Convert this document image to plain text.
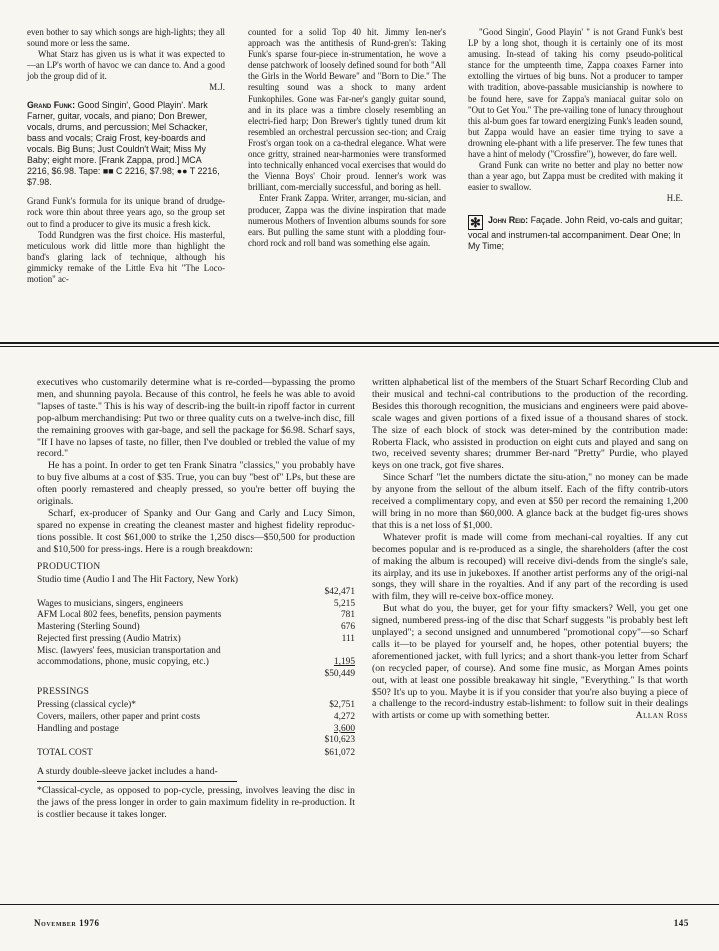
even bother to say which songs are high-lights; they all sound more or less the same.

What Starz has given us is what it was expected to—an LP's worth of havoc we can dance to. And a good job the group did of it.

M.J.

Grand Funk: Good Singin', Good Playin'. Mark Farner, guitar, vocals, and piano; Don Brewer, vocals, drums, and percussion; Mel Schacker, bass and vocals; Craig Frost, key-boards and vocals. Big Buns; Just Couldn't Wait; Miss My Baby; eight more. [Frank Zappa, prod.] MCA 2216, $6.98. Tape: ■■ C 2216, $7.98; ●● T 2216, $7.98.

Grand Funk's formula for its unique brand of drudge-rock wore thin about three years ago, so the group set out to find a producer to give its music a fresh kick.

Todd Rundgren was the first choice. His masterful, meticulous work did little more than highlight the band's glaring lack of technique, although his gimmicky remake of the Little Eva hit "The Loco-motion" ac-

counted for a solid Top 40 hit. Jimmy Ien-ner's approach was the antithesis of Rund-gren's: Taking Funk's sparse four-piece in-strumentation, he wove a dense patchwork of loosely defined sound for both "All the Girls in the World Beware" and "Born to Die." The resulting sound was a shock to many ardent Funkophiles. Gone was Far-ner's gangly guitar sound, and in its place was a timbre closely resembling an electri-fied harp; Don Brewer's tightly tuned drum kit resembled an orchestral percussion sec-tion; and Craig Frost's organ took on a ca-thedral elegance. What were once gritty, strained near-harmonies were transformed into technically enhanced vocal exercises that would do the Vienna Boys' Choir proud. Ienner's work was brilliant, com-mercially successful, and boring as hell.

Enter Frank Zappa. Writer, arranger, mu-sician, and producer, Zappa was the divine inspiration that made numerous Mothers of Invention albums sounds for sore ears. But pulling the same stunt with a plodding four-chord rock and roll band was something else again.

"Good Singin', Good Playin' " is not Grand Funk's best LP by a long shot, though it is certainly one of its most amusing. In-stead of taking his corny pseudo-political stance for the umpteenth time, Zappa coaxes Farner into extolling the virtues of big buns. Not a producer to tamper with tradition, above-passable musicianship is nowhere to be found here, save for Zappa's maniacal guitar solo on "Out to Get You." The pre-vailing tone of lunacy throughout this al-bum goes far toward energizing Funk's leaden sound, but Zappa would have an easier time trying to save a drowning ele-phant with a life preserver. The few tunes that have a hint of melody ("Crossfire"), however, do fare well.

Grand Funk can write no better and play no better now than a year ago, but Zappa must be credited with making it easier to swallow.

H.E.

✻ John Reid: Façade. John Reid, vo-cals and guitar; vocal and instrumen-tal accompaniment. Dear One; In My Time;

executives who customarily determine what is re-corded—bypassing the promo men, and shunning payola. Because of this control, he feels he was able to avoid "lapses of taste." This is his way of describ-ing the built-in ripoff factor in current pop-album merchandising: Put two or three quality cuts on a twelve-inch disc, fill the remaining grooves with gar-bage, and sell the package for $6.98. Scharf says, "If I have no lapses of taste, no filler, then I've doubled or trebled the value of my record."

He has a point. In order to get ten Frank Sinatra "classics," you probably have to buy five albums at a cost of $35. True, you can buy "best of" LPs, but these are often poorly remastered and cheaply pressed, so you're better off buying the originals.

Scharf, ex-producer of Spanky and Our Gang and Carly and Lucy Simon, spared no expense in creating the cleanest master and highest fidelity reproduc-tions possible. It cost $61,000 to strike the 1,250 discs—$50,500 for production and $10,500 for press-ings. Here is a rough breakdown:

PRODUCTION
Studio time (Audio I and The Hit Factory, New York)
$42,471
Wages to musicians, singers, engineers	5,215
AFM Local 802 fees, benefits, pension payments	781
Mastering (Sterling Sound)	676
Rejected first pressing (Audio Matrix)	111
Misc. (lawyers' fees, musician transportation and
accommodations, phone, music copying, etc.)	1,195
$50,449
PRESSINGS
Pressing (classical cycle)*	$2,751
Covers, mailers, other paper and print costs	4,272
Handling and postage	3,600
$10,623
TOTAL COST	$61,072

A sturdy double-sleeve jacket includes a hand-

*Classical-cycle, as opposed to pop-cycle, pressing, involves leaving the disc in the jaws of the press longer in order to gain maximum fidelity in re-production. It is costlier because it takes longer.

written alphabetical list of the members of the Stuart Scharf Recording Club and their musical and techni-cal contributions to the production of the recording. Besides this thorough recognition, the musicians and engineers were paid above-scale wages and given portions of a fixed issue of a thousand shares of stock. The size of each block of stock was deter-mined by the contribution made: Roberta Flack, who assisted in production on eight cuts and played and sang on two, received seventy shares; drummer Ber-nard "Pretty" Purdie, who played keys on one track, got five shares.

Since Scharf "let the numbers dictate the situ-ation," no money can be made by anyone from the sellout of the album itself. Each of the fifty contrib-utors received a complimentary copy, and even at $50 per record the remaining 1,200 will bring in no more than $60,000. A glance back at the budget fig-ures shows that this is a net loss of $1,000.

Whatever profit is made will come from mechani-cal royalties. If any cut becomes popular and is re-produced as a single, the shareholders (after the cost of making the album is recouped) will receive divi-dends from the single's sale, its airplay, and its use in jukeboxes. If another artist performs any of the origi-nal songs, they will share in the royalties. And if any part of the recording is used with film, they will re-ceive box-office money.

But what do you, the buyer, get for your fifty smackers? Well, you get one signed, numbered press-ing of the disc that Scharf suggests "is probably best left unplayed"; a second unsigned and unnumbered "promotional copy"—so Scharf calls it—to be played for yourself and, he hopes, other potential buyers; the aforementioned jacket, with full lyrics; and a short thank-you letter from Scharf (on recycled paper, of course). And some fine music, as Morgan Ames points out, with at least one possible breakaway hit single, "Everything." Is that worth $50? It's up to you. Maybe it is if you consider that you're also buying a piece of a challenge to the record-industry estab-lishment: to follow suit in their dealings with artists or come up with something better.	Allan Ross

November 1976	145
